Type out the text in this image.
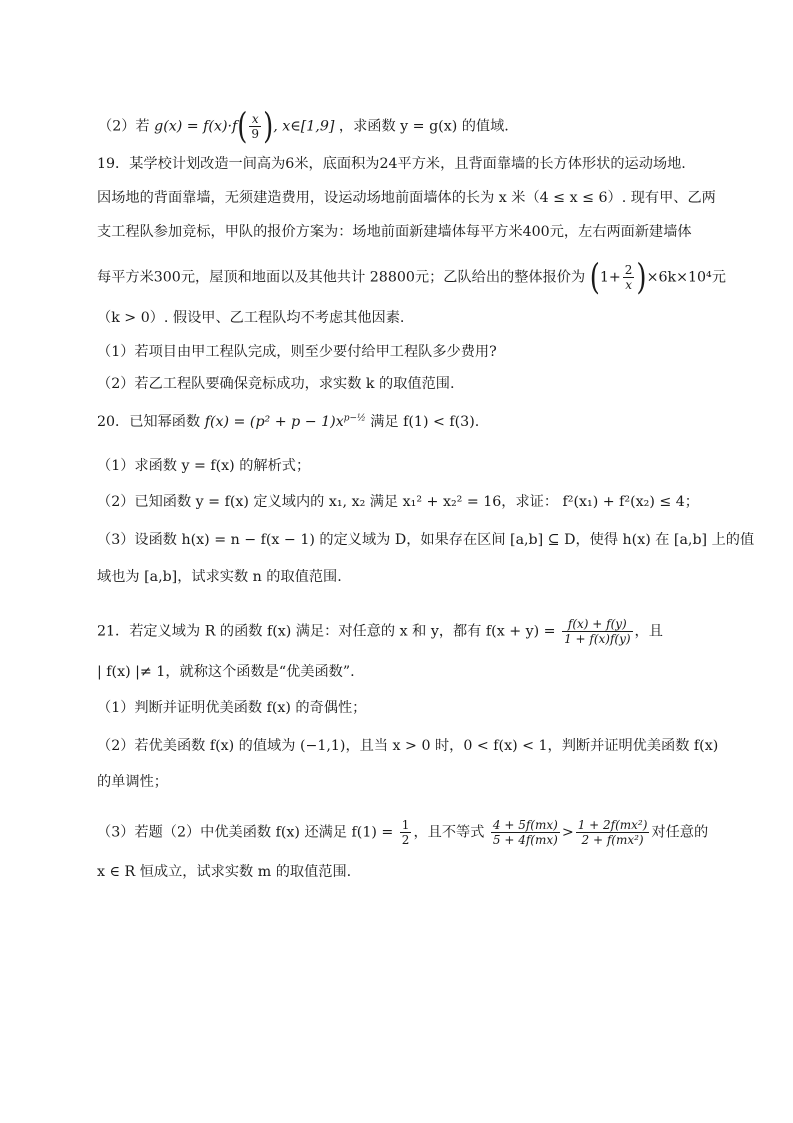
（2）若 $g(x) = f(x)\cdot f( \frac{x}{9}$ ), x∈[1,9] ，求函数 y = g(x) 的值域.
19．某学校计划改造一间高为6米，底面积为24平方米，且背面靠墙的长方体形状的运动场地.
因场地的背面靠墙，无须建造费用，设运动场地前面墙体的长为 x 米（4 ≤ x ≤ 6）. 现有甲、乙两
支工程队参加竞标，甲队的报价方案为：场地前面新建墙体每平方米400元，左右两面新建墙体
每平方米300元，屋顶和地面以及其他共计 28800元；乙队给出的整体报价为 $(1+ \frac{2}{x} )\times 6k\times 10^4$元
（k > 0）. 假设甲、乙工程队均不考虑其他因素.
（1）若项目由甲工程队完成，则至少要付给甲工程队多少费用?
（2）若乙工程队要确保竞标成功，求实数 k 的取值范围.
20．已知幂函数 $f(x) = (p^2 + p - 1)x^{p-\frac{1}{2}}$ 满足 f(1) < f(3).
（1）求函数 y = f(x) 的解析式；
（2）已知函数 y = f(x) 定义域内的 x₁, x₂ 满足 x₁² + x₂² = 16，求证： f²(x₁) + f²(x₂) ≤ 4；
（3）设函数 h(x) = n − f(x − 1) 的定义域为 D，如果存在区间 [a,b] ⊆ D，使得 h(x) 在 [a,b] 上的值
域也为 [a,b]，试求实数 n 的取值范围.
21．若定义域为 R 的函数 f(x) 满足：对任意的 x 和 y，都有 $f(x + y) = \frac{f(x) + f(y)}{1 + f(x)f(y)}$ ，且
| f(x) |≠ 1，就称这个函数是“优美函数”.
（1）判断并证明优美函数 f(x) 的奇偶性；
（2）若优美函数 f(x) 的值域为 (−1,1)，且当 x > 0 时，0 < f(x) < 1，判断并证明优美函数 f(x)
的单调性；
（3）若题（2）中优美函数 f(x) 还满足 $f(1) = \frac{1}{2}$ ，且不等式 $\frac{4 + 5f(mx)}{5 + 4f(mx)} > \frac{\text{1 + 2f(mx²)}}{\text{2 + f(mx²)}}$ 对任意的
x ∈ R 恒成立，试求实数 m 的取值范围.
